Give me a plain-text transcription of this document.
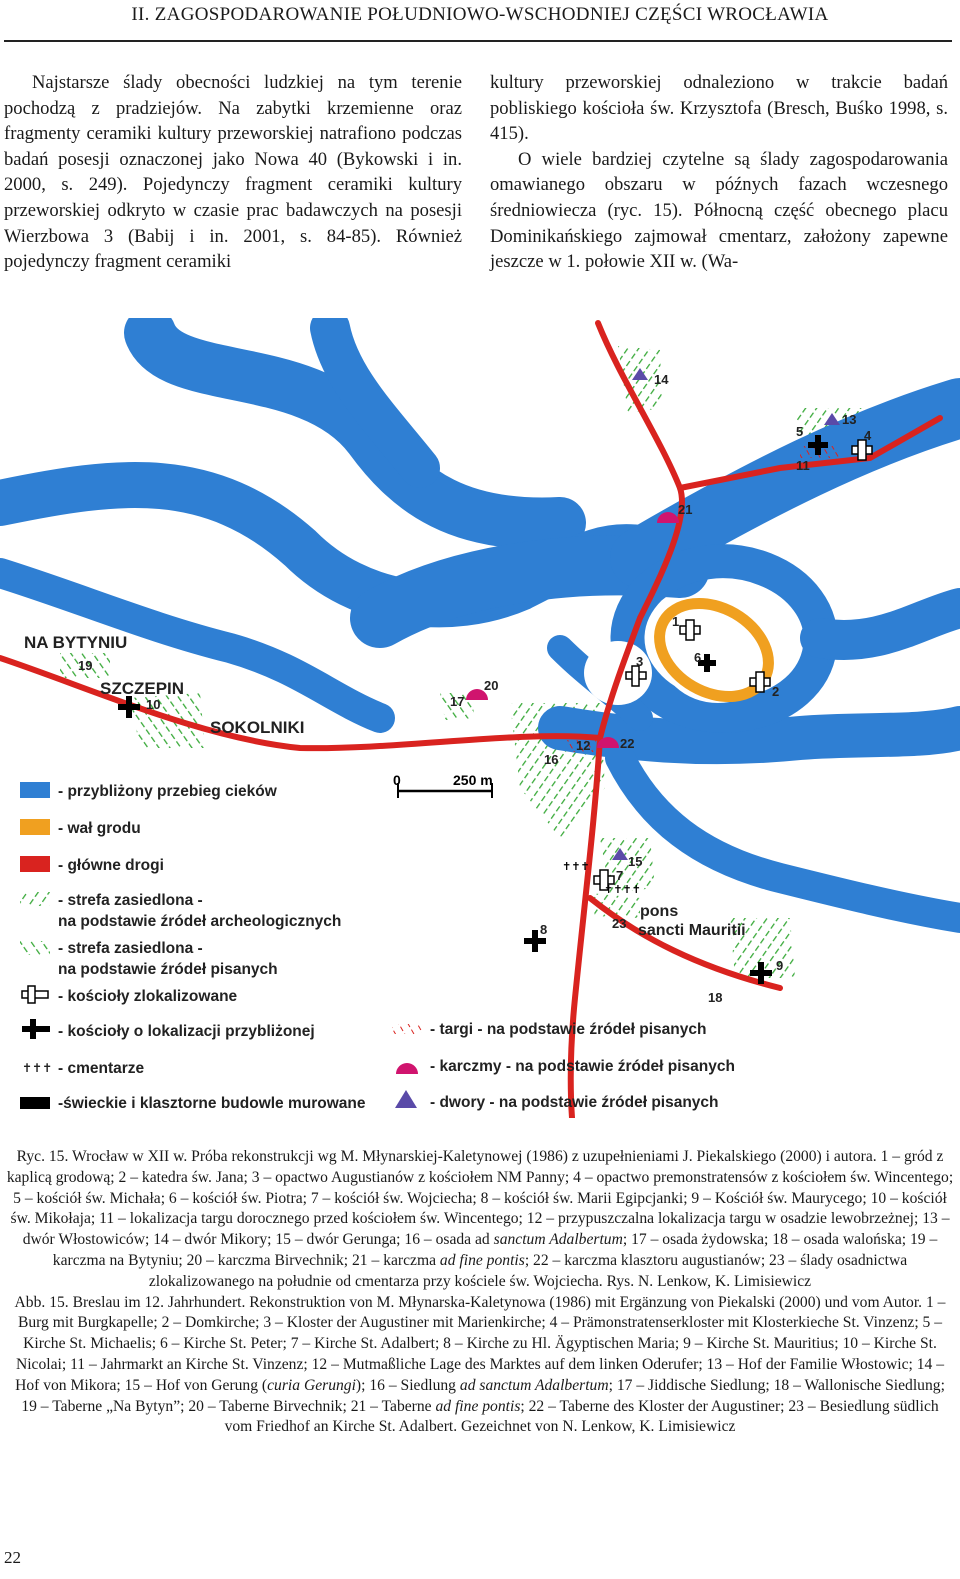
II. ZAGOSPODAROWANIE POŁUDNIOWO-WSCHODNIEJ CZĘŚCI WROCŁAWIA

Najstarsze ślady obecności ludzkiej na tym terenie pochodzą z pradziejów. Na zabytki krzemienne oraz fragmenty ceramiki kultury przeworskiej natrafiono podczas badań posesji oznaczonej jako Nowa 40 (Bykowski i in. 2000, s. 249). Pojedynczy fragment ceramiki kultury przeworskiej odkryto w czasie prac badawczych na posesji Wierzbowa 3 (Babij i in. 2001, s. 84-85). Również pojedynczy fragment ceramiki

kultury przeworskiej odnaleziono w trakcie badań pobliskiego kościoła św. Krzysztofa (Bresch, Buśko 1998, s. 415).

O wiele bardziej czytelne są ślady zagospodarowania omawianego obszaru w późnych fazach wczesnego średniowiecza (ryc. 15). Północną część obecnego placu Dominikańskiego zajmował cmentarz, założony zapewne jeszcze w 1. połowie XII w. (Wa-

✝✝✝
✝✝✝✝
0	250 m
NA BYTYNIU
SZCZEPIN
SOKOLNIKI
pons
sancti Mauritii
1
2
3
4
5
6
7
8
9
10
11
12
13
14
15
16
17
18
19
20
21
22
23
- przybliżony przebieg cieków
- wał grodu
- główne drogi
- strefa zasiedlona -
na podstawie źródeł archeologicznych
- strefa zasiedlona -
na podstawie źródeł pisanych
- kościoły zlokalizowane
- kościoły o lokalizacji przybliżonej
✝✝✝ - cmentarze
-świeckie i klasztorne budowle murowane
- targi - na podstawie źródeł pisanych
- karczmy - na podstawie źródeł pisanych
- dwory - na podstawie źródeł pisanych

Ryc. 15. Wrocław w XII w. Próba rekonstrukcji wg M. Młynarskiej-Kaletynowej (1986) z uzupełnieniami J. Piekalskiego (2000) i autora. 1 – gród z kaplicą grodową; 2 – katedra św. Jana; 3 – opactwo Augustianów z kościołem NM Panny; 4 – opactwo premonstratensów z kościołem św. Wincentego; 5 – kościół św. Michała; 6 – kościół św. Piotra; 7 – kościół św. Wojciecha; 8 – kościół św. Marii Egipcjanki; 9 – Kościół św. Maurycego; 10 – kościół św. Mikołaja; 11 – lokalizacja targu dorocznego przed kościołem św. Wincentego; 12 – przypuszczalna lokalizacja targu w osadzie lewobrzeżnej; 13 – dwór Włostowiców; 14 – dwór Mikory; 15 – dwór Gerunga; 16 – osada ad sanctum Adalbertum; 17 – osada żydowska; 18 – osada walońska; 19 – karczma na Bytyniu; 20 – karczma Birvechnik; 21 – karczma ad fine pontis; 22 – karczma klasztoru augustianów; 23 – ślady osadnictwa zlokalizowanego na południe od cmentarza przy kościele św. Wojciecha. Rys. N. Lenkow, K. Limisiewicz

Abb. 15. Breslau im 12. Jahrhundert. Rekonstruktion von M. Młynarska-Kaletynowa (1986) mit Ergänzung von Piekalski (2000) und vom Autor. 1 – Burg mit Burgkapelle; 2 – Domkirche; 3 – Kloster der Augustiner mit Marienkirche; 4 – Prämonstratenserkloster mit Klosterkieche St. Vinzenz; 5 – Kirche St. Michaelis; 6 – Kirche St. Peter; 7 – Kirche St. Adalbert; 8 – Kirche zu Hl. Ägyptischen Maria; 9 – Kirche St. Mauritius; 10 – Kirche St. Nicolai; 11 – Jahrmarkt an Kirche St. Vinzenz; 12 – Mutmaßliche Lage des Marktes auf dem linken Oderufer; 13 – Hof der Familie Włostowic; 14 – Hof von Mikora; 15 – Hof von Gerung (curia Gerungi); 16 – Siedlung ad sanctum Adalbertum; 17 – Jiddische Siedlung; 18 – Wallonische Siedlung; 19 – Taberne „Na Bytyn”; 20 – Taberne Birvechnik; 21 – Taberne ad fine pontis; 22 – Taberne des Kloster der Augustiner; 23 – Besiedlung südlich vom Friedhof an Kirche St. Adalbert. Gezeichnet von N. Lenkow, K. Limisiewicz

22
